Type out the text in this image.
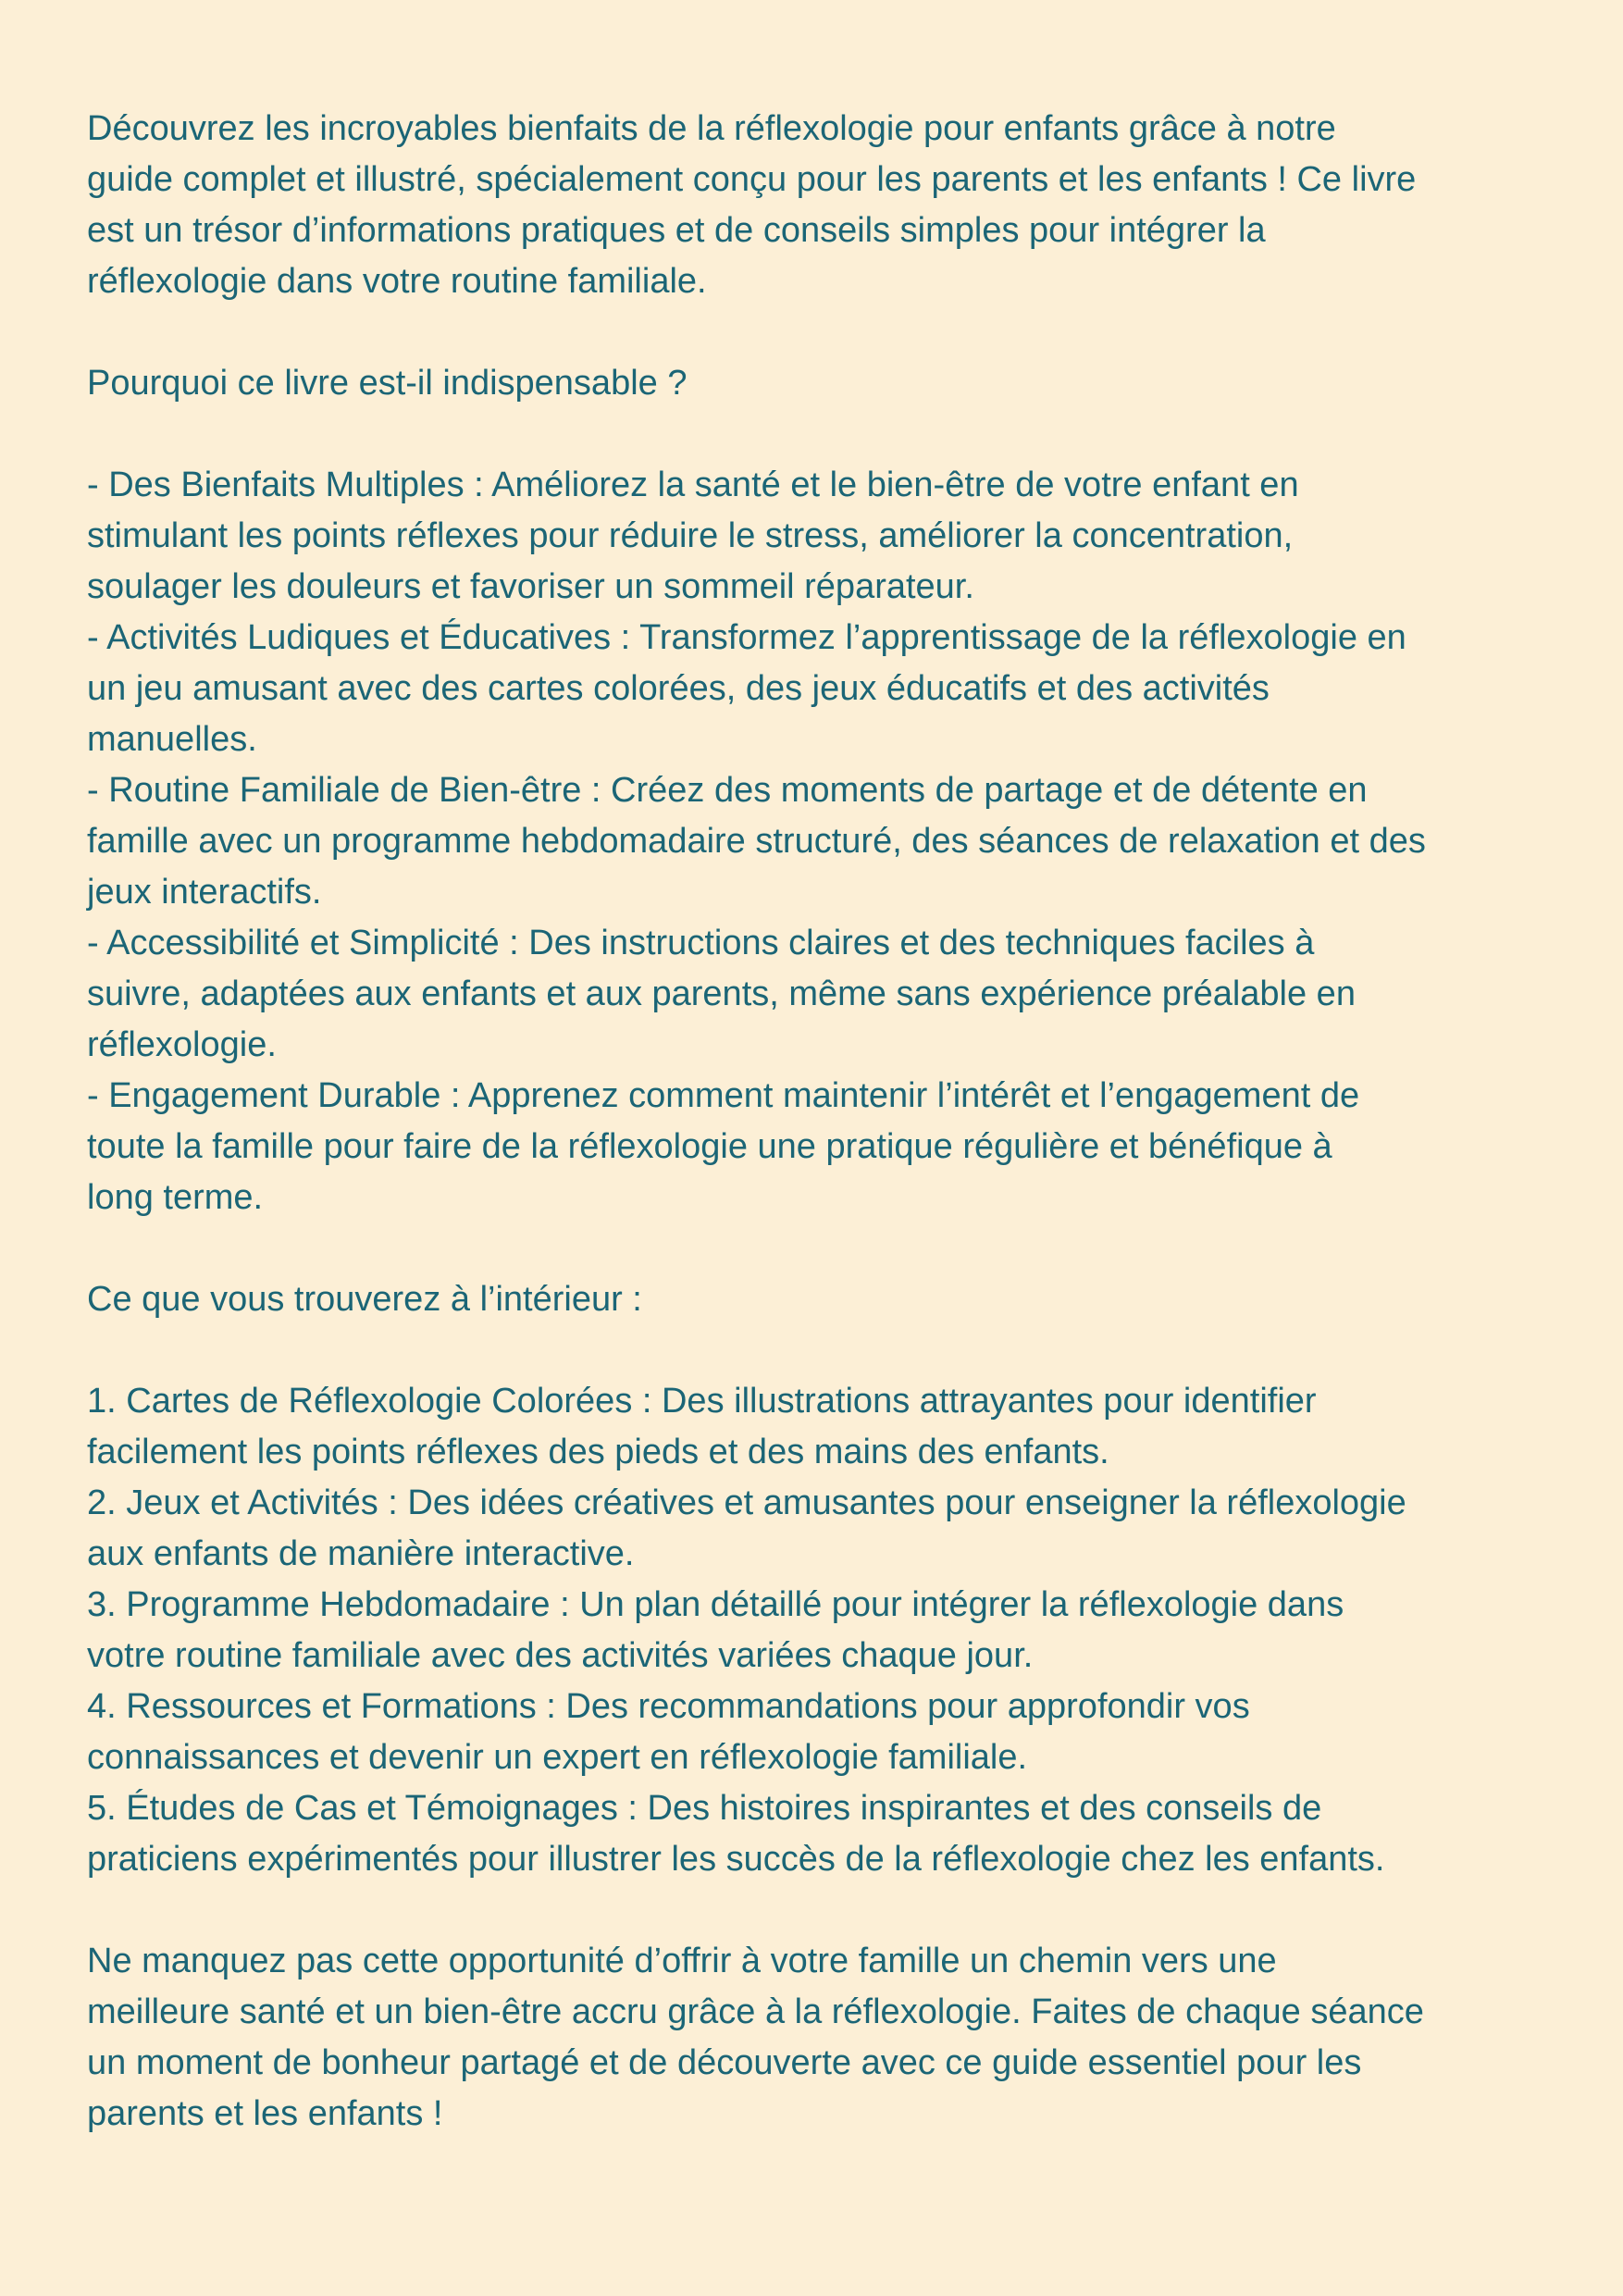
Découvrez les incroyables bienfaits de la réflexologie pour enfants grâce à notre
guide complet et illustré, spécialement conçu pour les parents et les enfants ! Ce livre
est un trésor d’informations pratiques et de conseils simples pour intégrer la
réflexologie dans votre routine familiale.

Pourquoi ce livre est-il indispensable ?

- Des Bienfaits Multiples : Améliorez la santé et le bien-être de votre enfant en
stimulant les points réflexes pour réduire le stress, améliorer la concentration,
soulager les douleurs et favoriser un sommeil réparateur.
- Activités Ludiques et Éducatives : Transformez l’apprentissage de la réflexologie en
un jeu amusant avec des cartes colorées, des jeux éducatifs et des activités
manuelles.
- Routine Familiale de Bien-être : Créez des moments de partage et de détente en
famille avec un programme hebdomadaire structuré, des séances de relaxation et des
jeux interactifs.
- Accessibilité et Simplicité : Des instructions claires et des techniques faciles à
suivre, adaptées aux enfants et aux parents, même sans expérience préalable en
réflexologie.
- Engagement Durable : Apprenez comment maintenir l’intérêt et l’engagement de
toute la famille pour faire de la réflexologie une pratique régulière et bénéfique à
long terme.

Ce que vous trouverez à l’intérieur :

1. Cartes de Réflexologie Colorées : Des illustrations attrayantes pour identifier
facilement les points réflexes des pieds et des mains des enfants.
2. Jeux et Activités : Des idées créatives et amusantes pour enseigner la réflexologie
aux enfants de manière interactive.
3. Programme Hebdomadaire : Un plan détaillé pour intégrer la réflexologie dans
votre routine familiale avec des activités variées chaque jour.
4. Ressources et Formations : Des recommandations pour approfondir vos
connaissances et devenir un expert en réflexologie familiale.
5. Études de Cas et Témoignages : Des histoires inspirantes et des conseils de
praticiens expérimentés pour illustrer les succès de la réflexologie chez les enfants.

Ne manquez pas cette opportunité d’offrir à votre famille un chemin vers une
meilleure santé et un bien-être accru grâce à la réflexologie. Faites de chaque séance
un moment de bonheur partagé et de découverte avec ce guide essentiel pour les
parents et les enfants !
